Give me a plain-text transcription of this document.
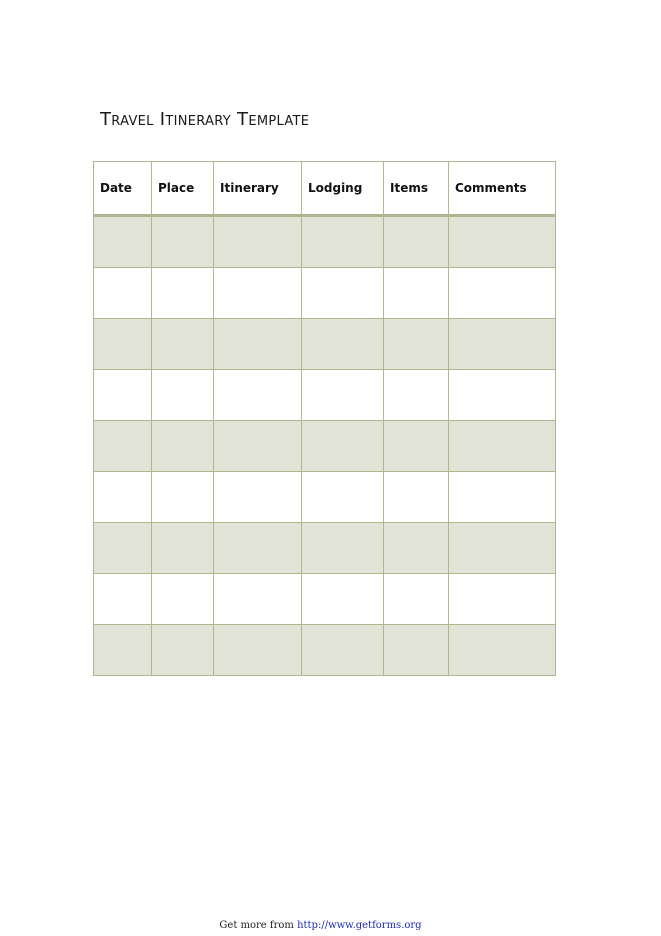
Travel Itinerary Template
Date	Place	Itinerary	Lodging	Items	Comments

Get more from http://www.getforms.org
